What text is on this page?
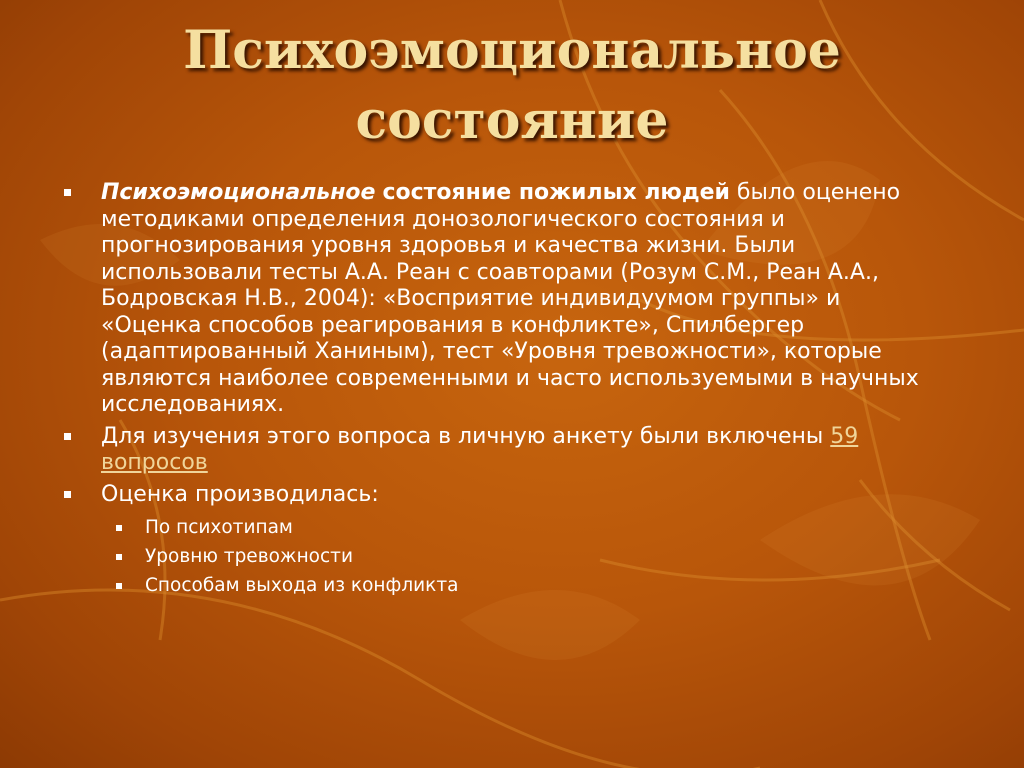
Психоэмоциональное
состояние
Психоэмоциональное состояние пожилых людей было оценено методиками определения донозологического состояния и прогнозирования уровня здоровья и качества жизни. Были использовали тесты А.А. Реан с соавторами (Розум С.М., Реан А.А., Бодровская Н.В., 2004): «Восприятие индивидуумом группы» и «Оценка способов реагирования в конфликте», Спилбергер (адаптированный Ханиным), тест «Уровня тревожности», которые являются наиболее современными и часто используемыми в научных исследованиях.
Для изучения этого вопроса в личную анкету были включены 59 вопросов
Оценка производилась:
По психотипам
Уровню тревожности
Способам выхода из конфликта
